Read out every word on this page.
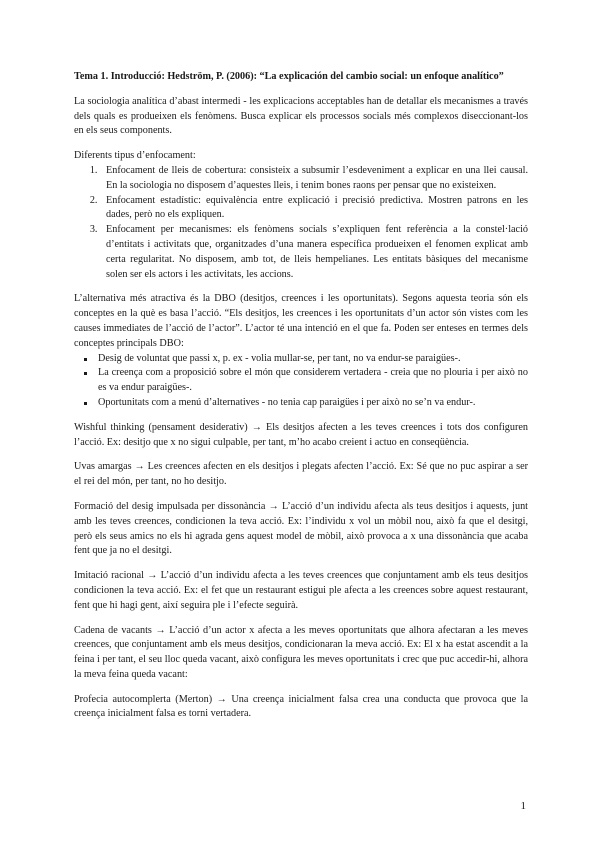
Tema 1. Introducció: Hedström, P. (2006): “La explicación del cambio social: un enfoque analítico”

La sociologia analítica d’abast intermedi - les explicacions acceptables han de detallar els mecanismes a través dels quals es produeixen els fenòmens. Busca explicar els processos socials més complexos diseccionant-los en els seus components.

Diferents tipus d’enfocament:
1. Enfocament de lleis de cobertura: consisteix a subsumir l’esdeveniment a explicar en una llei causal. En la sociologia no disposem d’aquestes lleis, i tenim bones raons per pensar que no existeixen.
2. Enfocament estadístic: equivalència entre explicació i precisió predictiva. Mostren patrons en les dades, però no els expliquen.
3. Enfocament per mecanismes: els fenòmens socials s’expliquen fent referència a la constel·lació d’entitats i activitats que, organitzades d’una manera específica produeixen el fenomen explicat amb certa regularitat. No disposem, amb tot, de lleis hempelianes. Les entitats bàsiques del mecanisme solen ser els actors i les activitats, les accions.
L’alternativa més atractiva és la DBO (desitjos, creences i les oportunitats). Segons aquesta teoria són els conceptes en la què es basa l’acció. “Els desitjos, les creences i les oportunitats d’un actor són vistes com les causes immediates de l’acció de l’actor”. L’actor té una intenció en el que fa. Poden ser enteses en termes dels conceptes principals DBO:
Desig de voluntat que passi x, p. ex - volia mullar-se, per tant, no va endur-se paraigües-.
La creença com a proposició sobre el món que considerem vertadera - creia que no plouria i per això no es va endur paraigües-.
Oportunitats com a menú d’alternatives - no tenia cap paraigües i per això no se’n va endur-.

Wishful thinking (pensament desiderativ) → Els desitjos afecten a les teves creences i tots dos configuren l’acció. Ex: desitjo que x no sigui culpable, per tant, m’ho acabo creient i actuo en conseqüència.

Uvas amargas → Les creences afecten en els desitjos i plegats afecten l’acció. Ex: Sé que no puc aspirar a ser el rei del món, per tant, no ho desitjo.

Formació del desig impulsada per dissonància → L’acció d’un individu afecta als teus desitjos i aquests, junt amb les teves creences, condicionen la teva acció. Ex: l’individu x vol un mòbil nou, això fa que el desitgi, però els seus amics no els hi agrada gens aquest model de mòbil, això provoca a x una dissonància que acaba fent que ja no el desitgi.

Imitació racional → L’acció d’un individu afecta a les teves creences que conjuntament amb els teus desitjos condicionen la teva acció. Ex: el fet que un restaurant estigui ple afecta a les creences sobre aquest restaurant, fent que hi hagi gent, així seguira ple i l’efecte seguirà.

Cadena de vacants → L’acció d’un actor x afecta a les meves oportunitats que alhora afectaran a les meves creences, que conjuntament amb els meus desitjos, condicionaran la meva acció. Ex: El x ha estat ascendit a la feina i per tant, el seu lloc queda vacant, això configura les meves oportunitats i crec que puc accedir-hi, alhora la meva feina queda vacant:

Profecia autocomplerta (Merton) → Una creença inicialment falsa crea una conducta que provoca que la creença inicialment falsa es torni vertadera.

1
